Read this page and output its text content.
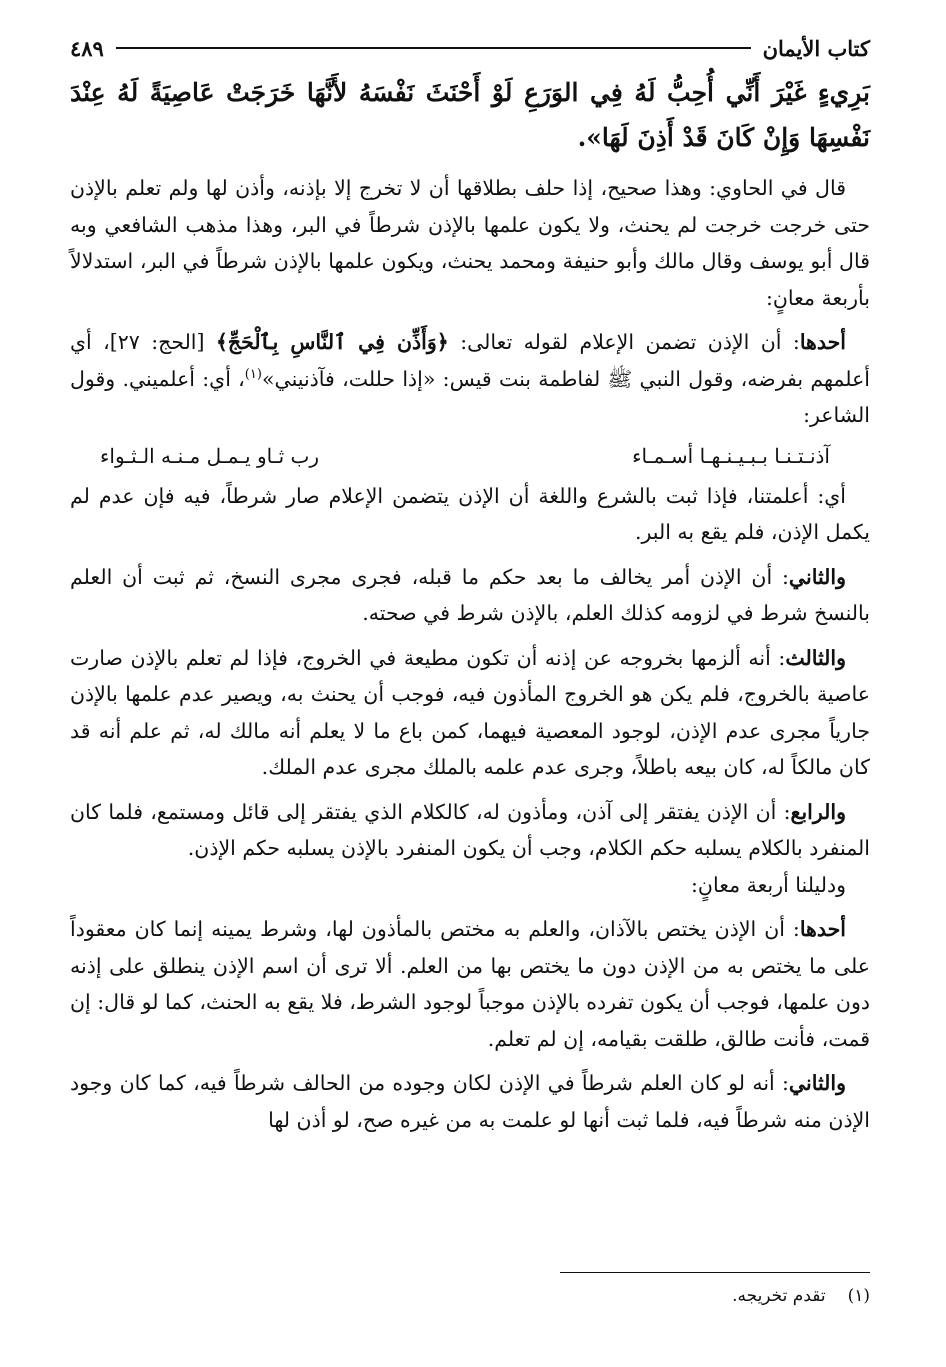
كتاب الأيمان
٤٨٩
بَرِيءٍ غَيْرَ أَنِّي أُحِبُّ لَهُ فِي الوَرَعِ لَوْ أَحْنَثَ نَفْسَهُ لأَنَّهَا خَرَجَتْ عَاصِيَةً لَهُ عِنْدَ نَفْسِهَا وَإِنْ كَانَ قَدْ أَذِنَ لَهَا».

قال في الحاوي: وهذا صحيح، إذا حلف بطلاقها أن لا تخرج إلا بإذنه، وأذن لها ولم تعلم بالإذن حتى خرجت خرجت لم يحنث، ولا يكون علمها بالإذن شرطاً في البر، وهذا مذهب الشافعي وبه قال أبو يوسف وقال مالك وأبو حنيفة ومحمد يحنث، ويكون علمها بالإذن شرطاً في البر، استدلالاً بأربعة معانٍ:

أحدها: أن الإذن تضمن الإعلام لقوله تعالى: ﴿وَأَذِّن فِي ٱلنَّاسِ بِٱلْحَجِّ﴾ [الحج: ٢٧]، أي أعلمهم بفرضه، وقول النبي ﷺ لفاطمة بنت قيس: «إذا حللت، فآذنيني»$^{(١)}$، أي: أعلميني. وقول الشاعر:

آذنـتـنـا بـبـيـنـهـا أسـمـاء
رب ثـاو يـمـل مـنـه الـثـواء

أي: أعلمتنا، فإذا ثبت بالشرع واللغة أن الإذن يتضمن الإعلام صار شرطاً، فيه فإن عدم لم يكمل الإذن، فلم يقع به البر.

والثاني: أن الإذن أمر يخالف ما بعد حكم ما قبله، فجرى مجرى النسخ، ثم ثبت أن العلم بالنسخ شرط في لزومه كذلك العلم، بالإذن شرط في صحته.

والثالث: أنه ألزمها بخروجه عن إذنه أن تكون مطيعة في الخروج، فإذا لم تعلم بالإذن صارت عاصية بالخروج، فلم يكن هو الخروج المأذون فيه، فوجب أن يحنث به، ويصير عدم علمها بالإذن جارياً مجرى عدم الإذن، لوجود المعصية فيهما، كمن باع ما لا يعلم أنه مالك له، ثم علم أنه قد كان مالكاً له، كان بيعه باطلاً، وجرى عدم علمه بالملك مجرى عدم الملك.

والرابع: أن الإذن يفتقر إلى آذن، ومأذون له، كالكلام الذي يفتقر إلى قائل ومستمع، فلما كان المنفرد بالكلام يسلبه حكم الكلام، وجب أن يكون المنفرد بالإذن يسلبه حكم الإذن.

ودليلنا أربعة معانٍ:

أحدها: أن الإذن يختص بالآذان، والعلم به مختص بالمأذون لها، وشرط يمينه إنما كان معقوداً على ما يختص به من الإذن دون ما يختص بها من العلم. ألا ترى أن اسم الإذن ينطلق على إذنه دون علمها، فوجب أن يكون تفرده بالإذن موجباً لوجود الشرط، فلا يقع به الحنث، كما لو قال: إن قمت، فأنت طالق، طلقت بقيامه، إن لم تعلم.

والثاني: أنه لو كان العلم شرطاً في الإذن لكان وجوده من الحالف شرطاً فيه، كما كان وجود الإذن منه شرطاً فيه، فلما ثبت أنها لو علمت به من غيره صح، لو أذن لها

(١)
تقدم تخريجه.
